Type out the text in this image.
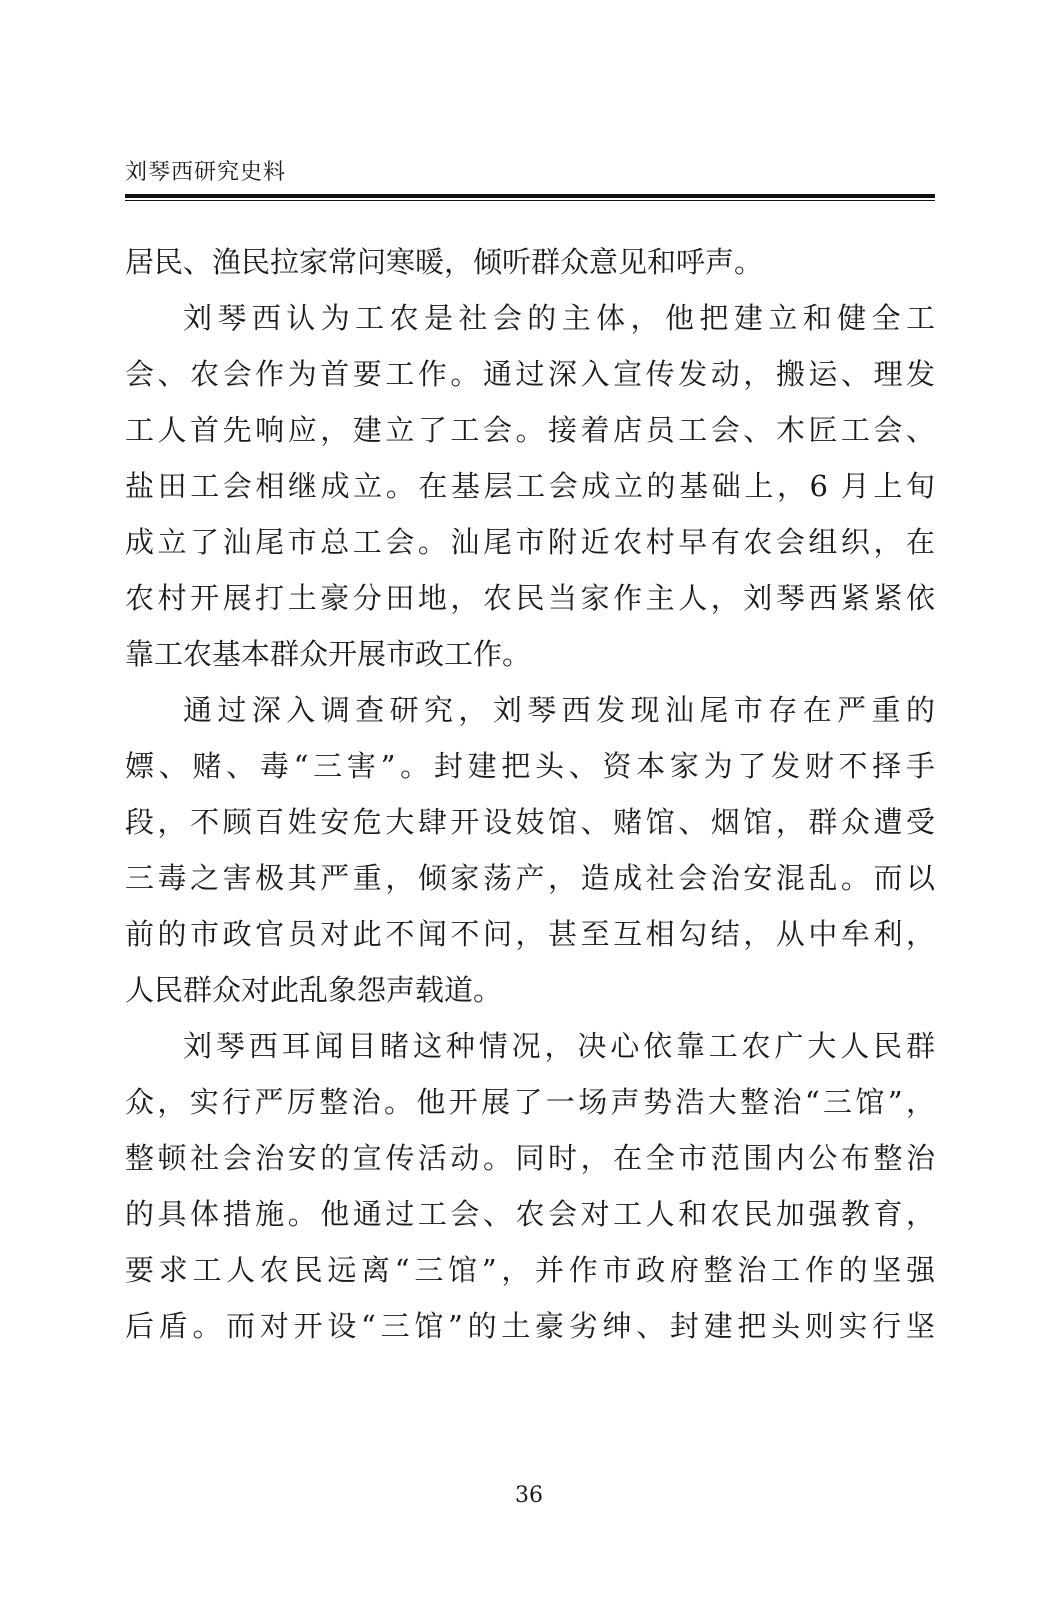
刘琴西研究史料
居民、渔民拉家常问寒暖，倾听群众意见和呼声。
刘琴西认为工农是社会的主体，他把建立和健全工
会、农会作为首要工作。通过深入宣传发动，搬运、理发
工人首先响应，建立了工会。接着店员工会、木匠工会、
盐田工会相继成立。在基层工会成立的基础上，6 月上旬
成立了汕尾市总工会。汕尾市附近农村早有农会组织，在
农村开展打土豪分田地，农民当家作主人，刘琴西紧紧依
靠工农基本群众开展市政工作。
通过深入调查研究，刘琴西发现汕尾市存在严重的
嫖、赌、毒“三害”。封建把头、资本家为了发财不择手
段，不顾百姓安危大肆开设妓馆、赌馆、烟馆，群众遭受
三毒之害极其严重，倾家荡产，造成社会治安混乱。而以
前的市政官员对此不闻不问，甚至互相勾结，从中牟利，
人民群众对此乱象怨声载道。
刘琴西耳闻目睹这种情况，决心依靠工农广大人民群
众，实行严厉整治。他开展了一场声势浩大整治“三馆”，
整顿社会治安的宣传活动。同时，在全市范围内公布整治
的具体措施。他通过工会、农会对工人和农民加强教育，
要求工人农民远离“三馆”，并作市政府整治工作的坚强
后盾。而对开设“三馆”的土豪劣绅、封建把头则实行坚
36
